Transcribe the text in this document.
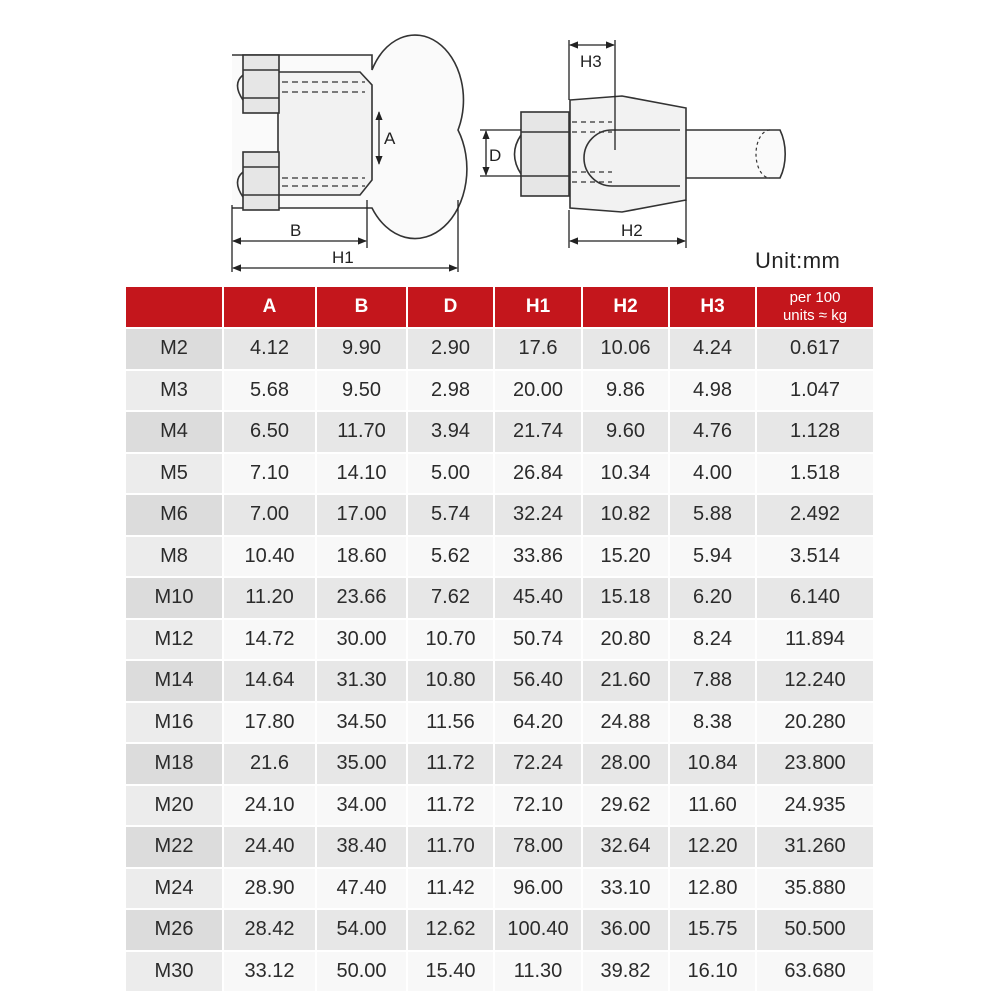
A
B
H1
H3
D
H2
Unit:mm
	A	B	D	H1	H2	H3	per 100
units ≈ kg

M2	4.12	9.90	2.90	17.6	10.06	4.24	0.617
M3	5.68	9.50	2.98	20.00	9.86	4.98	1.047
M4	6.50	11.70	3.94	21.74	9.60	4.76	1.128
M5	7.10	14.10	5.00	26.84	10.34	4.00	1.518
M6	7.00	17.00	5.74	32.24	10.82	5.88	2.492
M8	10.40	18.60	5.62	33.86	15.20	5.94	3.514
M10	11.20	23.66	7.62	45.40	15.18	6.20	6.140
M12	14.72	30.00	10.70	50.74	20.80	8.24	11.894
M14	14.64	31.30	10.80	56.40	21.60	7.88	12.240
M16	17.80	34.50	11.56	64.20	24.88	8.38	20.280
M18	21.6	35.00	11.72	72.24	28.00	10.84	23.800
M20	24.10	34.00	11.72	72.10	29.62	11.60	24.935
M22	24.40	38.40	11.70	78.00	32.64	12.20	31.260
M24	28.90	47.40	11.42	96.00	33.10	12.80	35.880
M26	28.42	54.00	12.62	100.40	36.00	15.75	50.500
M30	33.12	50.00	15.40	11.30	39.82	16.10	63.680
